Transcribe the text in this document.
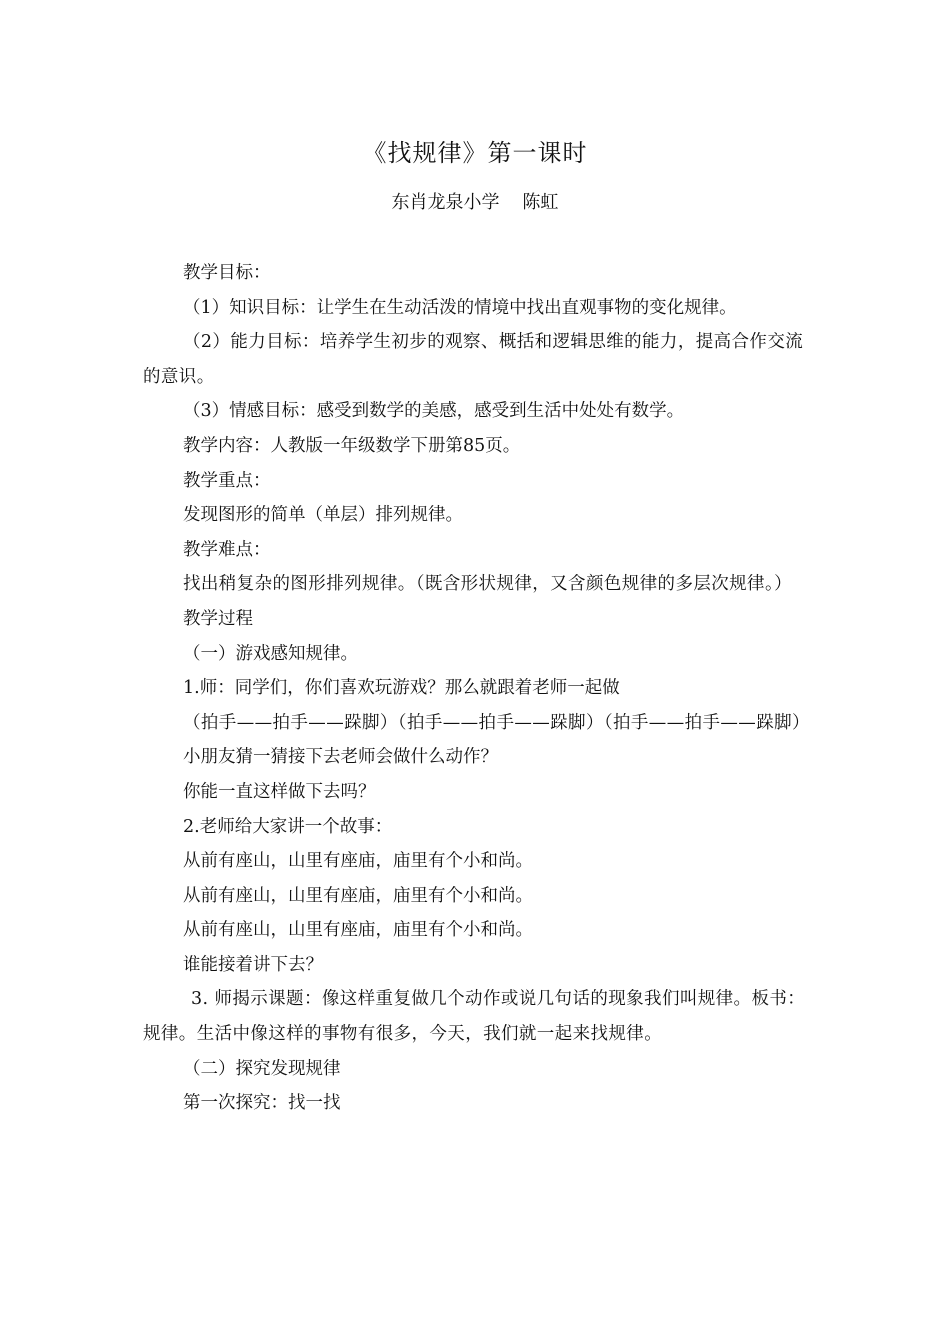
《找规律》第一课时
东肖龙泉小学    陈虹

教学目标：

（1）知识目标：让学生在生动活泼的情境中找出直观事物的变化规律。

（2）能力目标：培养学生初步的观察、概括和逻辑思维的能力，提高合作交流的意识。

（3）情感目标：感受到数学的美感，感受到生活中处处有数学。

教学内容：人教版一年级数学下册第85页。

教学重点：

发现图形的简单（单层）排列规律。

教学难点：

找出稍复杂的图形排列规律。（既含形状规律，又含颜色规律的多层次规律。）

教学过程

（一）游戏感知规律。

1.师：同学们，你们喜欢玩游戏？那么就跟着老师一起做

（拍手——拍手——跺脚）（拍手——拍手——跺脚）（拍手——拍手——跺脚）

小朋友猜一猜接下去老师会做什么动作？

你能一直这样做下去吗？

2.老师给大家讲一个故事：

从前有座山，山里有座庙，庙里有个小和尚。

从前有座山，山里有座庙，庙里有个小和尚。

从前有座山，山里有座庙，庙里有个小和尚。

谁能接着讲下去？

3. 师揭示课题：像这样重复做几个动作或说几句话的现象我们叫规律。板书：规律。生活中像这样的事物有很多，今天，我们就一起来找规律。

（二）探究发现规律

第一次探究：找一找
